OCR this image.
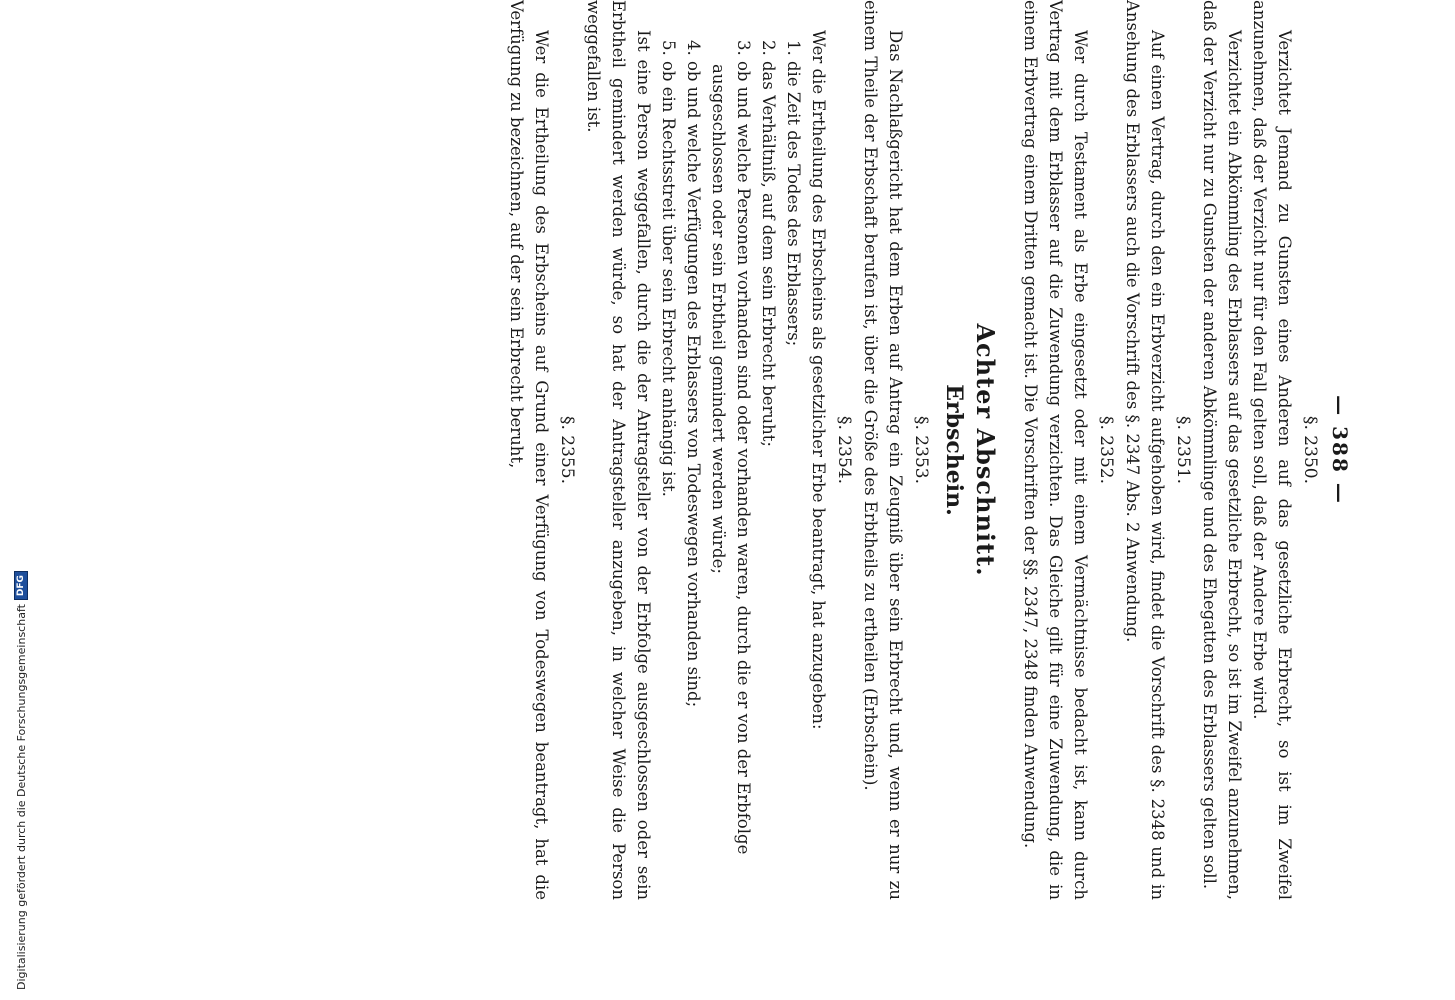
— 388 —
§. 2350.
Verzichtet Jemand zu Gunsten eines Anderen auf das gesetzliche Erbrecht, so ist im Zweifel anzunehmen, daß der Verzicht nur für den Fall gelten soll, daß der Andere Erbe wird.
Verzichtet ein Abkömmling des Erblassers auf das gesetzliche Erbrecht, so ist im Zweifel anzunehmen, daß der Verzicht nur zu Gunsten der anderen Abkömmlinge und des Ehegatten des Erblassers gelten soll.
§. 2351.
Auf einen Vertrag, durch den ein Erbverzicht aufgehoben wird, findet die Vorschrift des §. 2348 und in Ansehung des Erblassers auch die Vorschrift des §. 2347 Abs. 2 Anwendung.
§. 2352.
Wer durch Testament als Erbe eingesetzt oder mit einem Vermächtnisse bedacht ist, kann durch Vertrag mit dem Erblasser auf die Zuwendung verzichten. Das Gleiche gilt für eine Zuwendung, die in einem Erbvertrag einem Dritten gemacht ist. Die Vorschriften der §§. 2347, 2348 finden Anwendung.
Achter Abschnitt.
Erbschein.
§. 2353.
Das Nachlaßgericht hat dem Erben auf Antrag ein Zeugniß über sein Erbrecht und, wenn er nur zu einem Theile der Erbschaft berufen ist, über die Größe des Erbtheils zu ertheilen (Erbschein).
§. 2354.
Wer die Ertheilung des Erbscheins als gesetzlicher Erbe beantragt, hat anzugeben:
1. die Zeit des Todes des Erblassers;
2. das Verhältniß, auf dem sein Erbrecht beruht;
3. ob und welche Personen vorhanden sind oder vorhanden waren, durch die er von der Erbfolge ausgeschlossen oder sein Erbtheil gemindert werden würde;
4. ob und welche Verfügungen des Erblassers von Todeswegen vorhanden sind;
5. ob ein Rechtsstreit über sein Erbrecht anhängig ist.
Ist eine Person weggefallen, durch die der Antragsteller von der Erbfolge ausgeschlossen oder sein Erbtheil gemindert werden würde, so hat der Antragsteller anzugeben, in welcher Weise die Person weggefallen ist.
§. 2355.
Wer die Ertheilung des Erbscheins auf Grund einer Verfügung von Todeswegen beantragt, hat die Verfügung zu bezeichnen, auf der sein Erbrecht beruht,
Digitalisierung gefördert durch die Deutsche Forschungsgemeinschaft
DFG
